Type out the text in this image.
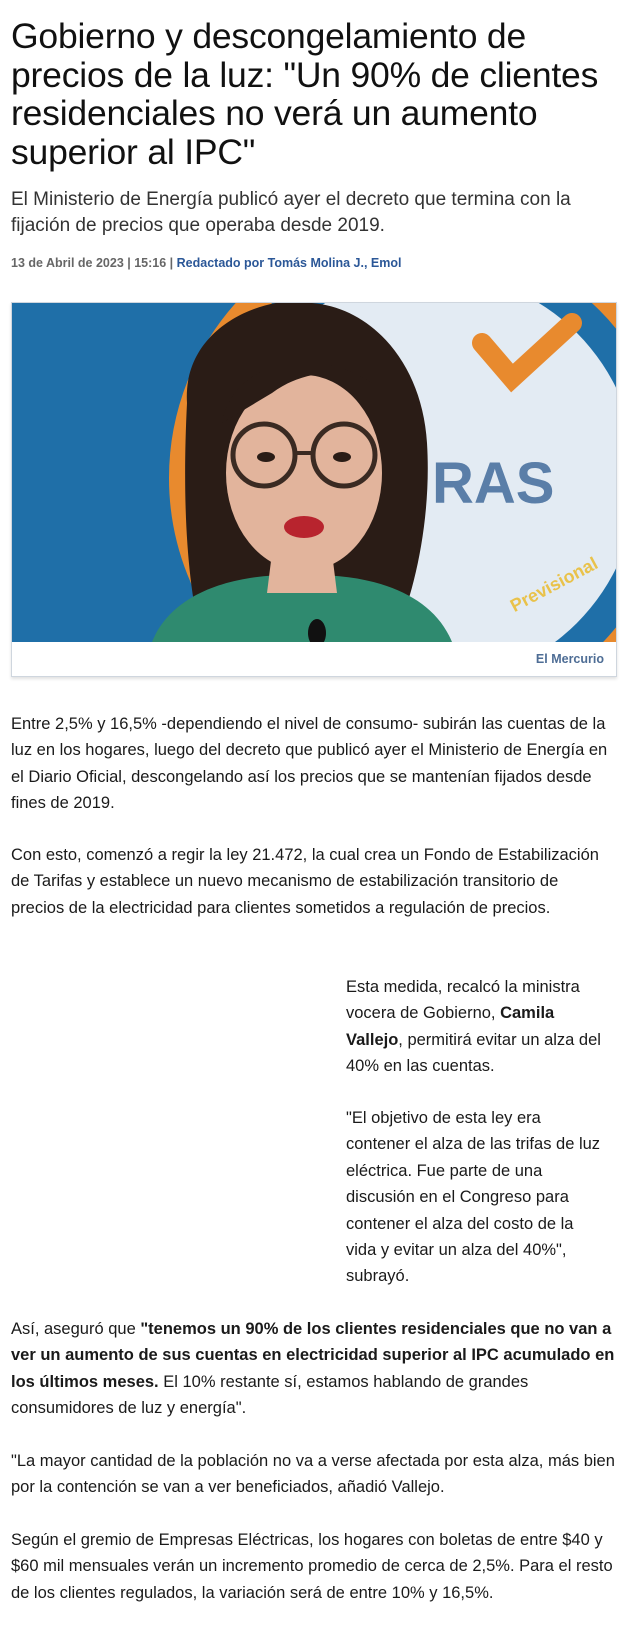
Gobierno y descongelamiento de precios de la luz: "Un 90% de clientes residenciales no verá un aumento superior al IPC"

El Ministerio de Energía publicó ayer el decreto que termina con la fijación de precios que operaba desde 2019.

13 de Abril de 2023 | 15:16 | Redactado por Tomás Molina J., Emol

RAS
Previsional

El Mercurio

Entre 2,5% y 16,5% -dependiendo el nivel de consumo- subirán las cuentas de la luz en los hogares, luego del decreto que publicó ayer el Ministerio de Energía en el Diario Oficial, descongelando así los precios que se mantenían fijados desde fines de 2019.

Con esto, comenzó a regir la ley 21.472, la cual crea un Fondo de Estabilización de Tarifas y establece un nuevo mecanismo de estabilización transitorio de precios de la electricidad para clientes sometidos a regulación de precios.

Esta medida, recalcó la ministra vocera de Gobierno, Camila Vallejo, permitirá evitar un alza del 40% en las cuentas.

"El objetivo de esta ley era contener el alza de las trifas de luz eléctrica. Fue parte de una discusión en el Congreso para contener el alza del costo de la vida y evitar un alza del 40%", subrayó.

Así, aseguró que "tenemos un 90% de los clientes residenciales que no van a ver un aumento de sus cuentas en electricidad superior al IPC acumulado en los últimos meses. El 10% restante sí, estamos hablando de grandes consumidores de luz y energía".

"La mayor cantidad de la población no va a verse afectada por esta alza, más bien por la contención se van a ver beneficiados, añadió Vallejo.

Según el gremio de Empresas Eléctricas, los hogares con boletas de entre $40 y $60 mil mensuales verán un incremento promedio de cerca de 2,5%. Para el resto de los clientes regulados, la variación será de entre 10% y 16,5%.
